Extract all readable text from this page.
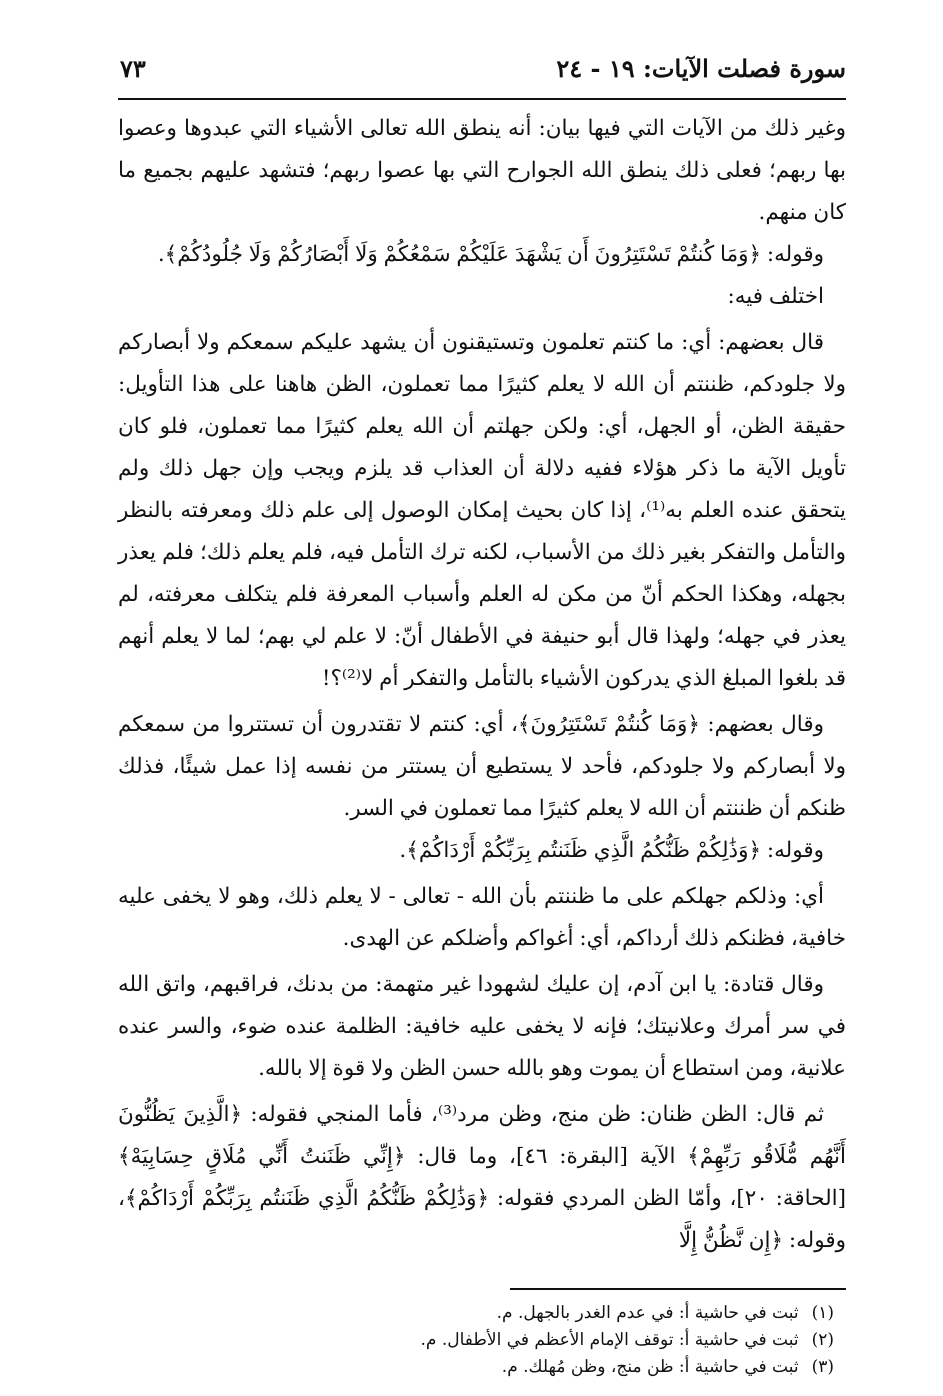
سورة فصلت الآيات: ١٩ - ٢٤
٧٣

وغير ذلك من الآيات التي فيها بيان: أنه ينطق الله تعالى الأشياء التي عبدوها وعصوا بها ربهم؛ فعلى ذلك ينطق الله الجوارح التي بها عصوا ربهم؛ فتشهد عليهم بجميع ما كان منهم.

وقوله: ﴿وَمَا كُنتُمْ تَسْتَتِرُونَ أَن يَشْهَدَ عَلَيْكُمْ سَمْعُكُمْ وَلَا أَبْصَارُكُمْ وَلَا جُلُودُكُمْ﴾.

اختلف فيه:

قال بعضهم: أي: ما كنتم تعلمون وتستيقنون أن يشهد عليكم سمعكم ولا أبصاركم ولا جلودكم، ظننتم أن الله لا يعلم كثيرًا مما تعملون، الظن هاهنا على هذا التأويل: حقيقة الظن، أو الجهل، أي: ولكن جهلتم أن الله يعلم كثيرًا مما تعملون، فلو كان تأويل الآية ما ذكر هؤلاء ففيه دلالة أن العذاب قد يلزم ويجب وإن جهل ذلك ولم يتحقق عنده العلم به⁽¹⁾، إذا كان بحيث إمكان الوصول إلى علم ذلك ومعرفته بالنظر والتأمل والتفكر بغير ذلك من الأسباب، لكنه ترك التأمل فيه، فلم يعلم ذلك؛ فلم يعذر بجهله، وهكذا الحكم أنّ من مكن له العلم وأسباب المعرفة فلم يتكلف معرفته، لم يعذر في جهله؛ ولهذا قال أبو حنيفة في الأطفال أنّ: لا علم لي بهم؛ لما لا يعلم أنهم قد بلغوا المبلغ الذي يدركون الأشياء بالتأمل والتفكر أم لا⁽²⁾؟!

وقال بعضهم: ﴿وَمَا كُنتُمْ تَسْتَتِرُونَ﴾، أي: كنتم لا تقتدرون أن تستتروا من سمعكم ولا أبصاركم ولا جلودكم، فأحد لا يستطيع أن يستتر من نفسه إذا عمل شيئًا، فذلك ظنكم أن ظننتم أن الله لا يعلم كثيرًا مما تعملون في السر.

وقوله: ﴿وَذَٰلِكُمْ ظَنُّكُمُ الَّذِي ظَنَنتُم بِرَبِّكُمْ أَرْدَاكُمْ﴾.

أي: وذلكم جهلكم على ما ظننتم بأن الله - تعالى - لا يعلم ذلك، وهو لا يخفى عليه خافية، فظنكم ذلك أرداكم، أي: أغواكم وأضلكم عن الهدى.

وقال قتادة: يا ابن آدم، إن عليك لشهودا غير متهمة: من بدنك، فراقبهم، واتق الله في سر أمرك وعلانيتك؛ فإنه لا يخفى عليه خافية: الظلمة عنده ضوء، والسر عنده علانية، ومن استطاع أن يموت وهو بالله حسن الظن ولا قوة إلا بالله.

ثم قال: الظن ظنان: ظن منج، وظن مرد⁽³⁾، فأما المنجي فقوله: ﴿الَّذِينَ يَظُنُّونَ أَنَّهُم مُّلَاقُو رَبِّهِمْ﴾ الآية [البقرة: ٤٦]، وما قال: ﴿إِنِّي ظَنَنتُ أَنِّي مُلَاقٍ حِسَابِيَهْ﴾ [الحاقة: ٢٠]، وأمّا الظن المردي فقوله: ﴿وَذَٰلِكُمْ ظَنُّكُمُ الَّذِي ظَنَنتُم بِرَبِّكُمْ أَرْدَاكُمْ﴾، وقوله: ﴿إِن نَّظُنُّ إِلَّا

(١) ثبت في حاشية أ: في عدم الغدر بالجهل. م.

(٢) ثبت في حاشية أ: توقف الإمام الأعظم في الأطفال. م.

(٣) ثبت في حاشية أ: ظن منج، وظن مُهلك. م.
